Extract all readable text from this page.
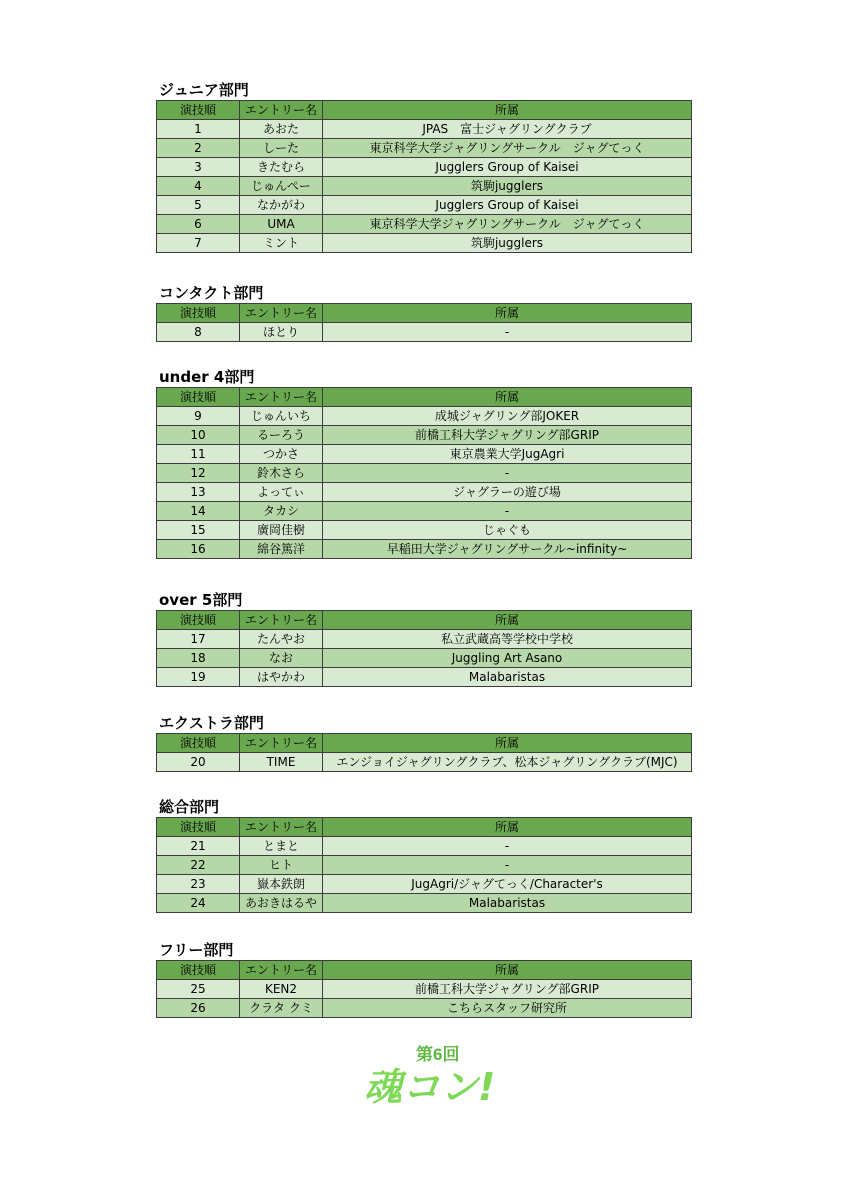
ジュニア部門
演技順	エントリー名	所属
1	あおた	JPAS　富士ジャグリングクラブ
2	しーた	東京科学大学ジャグリングサークル　ジャグてっく
3	きたむら	Jugglers Group of Kaisei
4	じゅんぺー	筑駒jugglers
5	なかがわ	Jugglers Group of Kaisei
6	UMA	東京科学大学ジャグリングサークル　ジャグてっく
7	ミント	筑駒jugglers
コンタクト部門
演技順	エントリー名	所属
8	ほとり	-
under 4部門
演技順	エントリー名	所属
9	じゅんいち	成城ジャグリング部JOKER
10	るーろう	前橋工科大学ジャグリング部GRIP
11	つかさ	東京農業大学JugAgri
12	鈴木さら	-
13	よってぃ	ジャグラーの遊び場
14	タカシ	-
15	廣岡佳樹	じゃぐも
16	綿谷篤洋	早稲田大学ジャグリングサークル~infinity~
over 5部門
演技順	エントリー名	所属
17	たんやお	私立武蔵高等学校中学校
18	なお	Juggling Art Asano
19	はやかわ	Malabaristas
エクストラ部門
演技順	エントリー名	所属
20	TIME	エンジョイジャグリングクラブ、松本ジャグリングクラブ(MJC)
総合部門
演技順	エントリー名	所属
21	とまと	-
22	ヒト	-
23	嶽本鉄朗	JugAgri/ジャグてっく/Character's
24	あおきはるや	Malabaristas
フリー部門
演技順	エントリー名	所属
25	KEN2	前橋工科大学ジャグリング部GRIP
26	クラタ クミ	こちらスタッフ研究所
第6回
魂コン!
